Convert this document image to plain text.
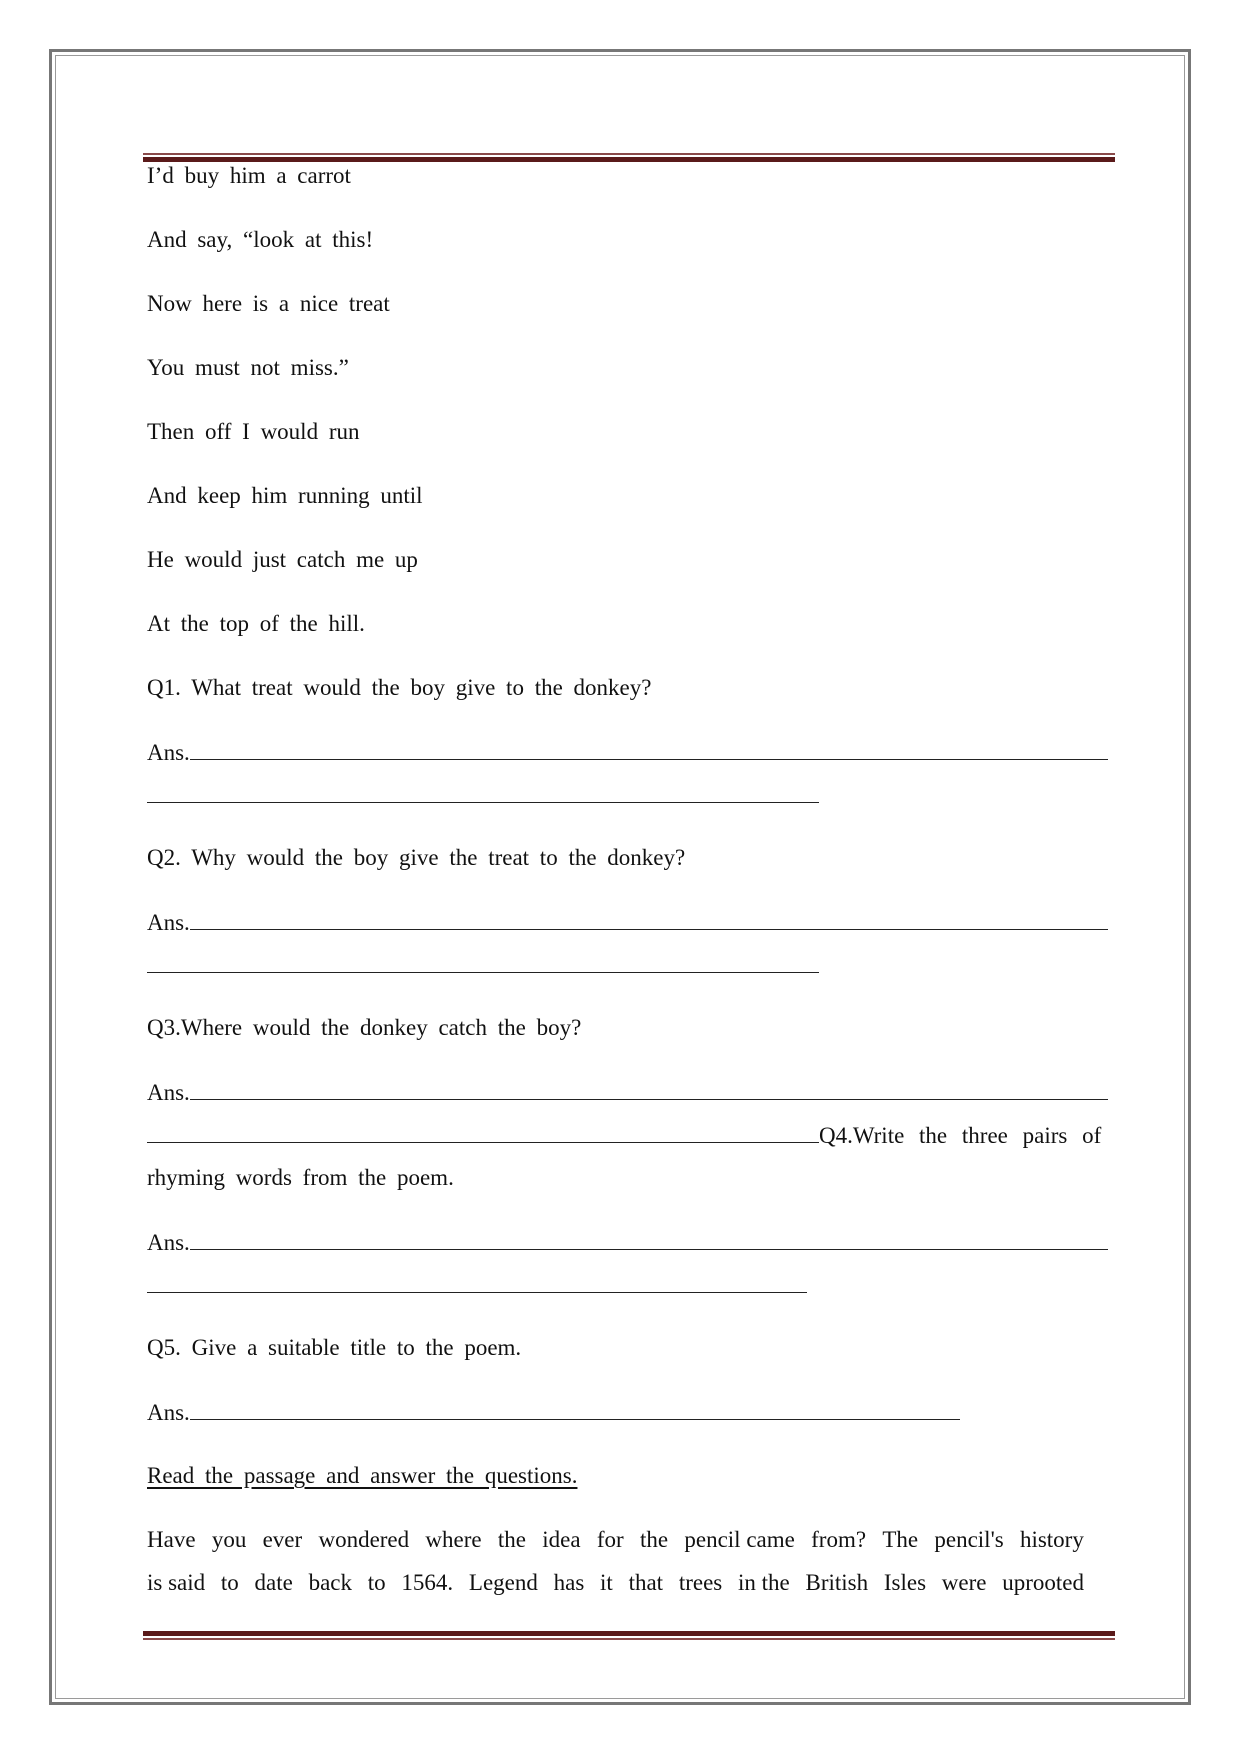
I’d buy him a carrot
And say, “look at this!
Now here is a nice treat
You must not miss.”
Then off I would run
And keep him running until
He would just catch me up
At the top of the hill.
Q1. What treat would the boy give to the donkey?
Ans.
Q2. Why would the boy give the treat to the donkey?
Ans.
Q3.Where would the donkey catch the boy?
Ans.
Q4.Write the three pairs of
rhyming words from the poem.
Ans.
Q5. Give a suitable title to the poem.
Ans.
Read the passage and answer the questions.
Have you ever wondered where the idea for the pencil came from? The pencil's history
is said to date back to 1564. Legend has it that trees in the British Isles were uprooted
